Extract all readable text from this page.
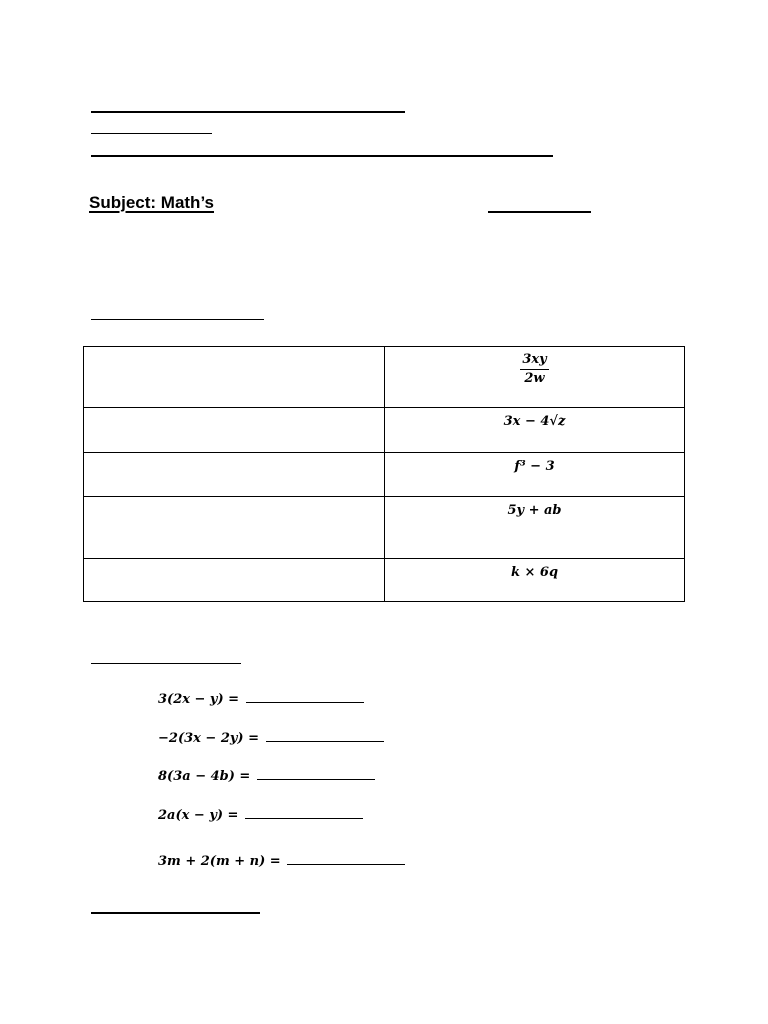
Subject: Math’s

	$\frac{3xy}{2w}$

	3x − 4√z
	f³ − 3
	5y + ab
	k × 6q
3(2x − y) =
−2(3x − 2y) =
8(3a − 4b) =
2a(x − y) =
3m + 2(m + n) =
